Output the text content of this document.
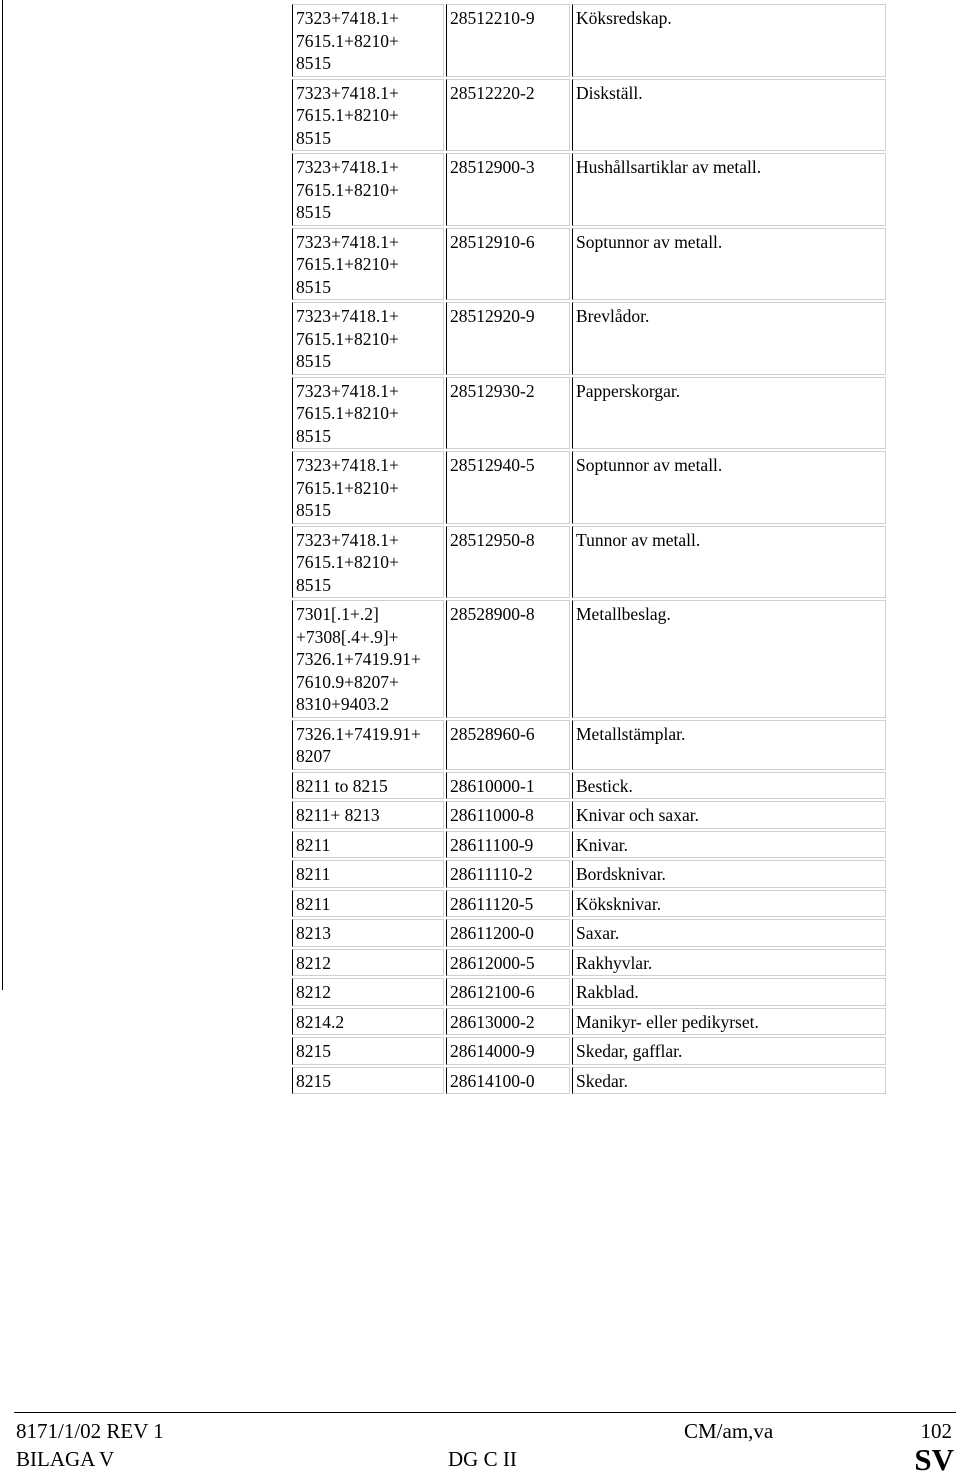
7323+7418.1+
7615.1+8210+
8515	28512210-9	Köksredskap.
7323+7418.1+
7615.1+8210+
8515	28512220-2	Diskställ.
7323+7418.1+
7615.1+8210+
8515	28512900-3	Hushållsartiklar av metall.
7323+7418.1+
7615.1+8210+
8515	28512910-6	Soptunnor av metall.
7323+7418.1+
7615.1+8210+
8515	28512920-9	Brevlådor.
7323+7418.1+
7615.1+8210+
8515	28512930-2	Papperskorgar.
7323+7418.1+
7615.1+8210+
8515	28512940-5	Soptunnor av metall.
7323+7418.1+
7615.1+8210+
8515	28512950-8	Tunnor av metall.
7301[.1+.2]
+7308[.4+.9]+
7326.1+7419.91+
7610.9+8207+
8310+9403.2	28528900-8	Metallbeslag.
7326.1+7419.91+
8207	28528960-6	Metallstämplar.
8211 to 8215	28610000-1	Bestick.
8211+ 8213	28611000-8	Knivar och saxar.
8211	28611100-9	Knivar.
8211	28611110-2	Bordsknivar.
8211	28611120-5	Köksknivar.
8213	28611200-0	Saxar.
8212	28612000-5	Rakhyvlar.
8212	28612100-6	Rakblad.
8214.2	28613000-2	Manikyr- eller pedikyrset.
8215	28614000-9	Skedar, gafflar.
8215	28614100-0	Skedar.
8171/1/02 REV 1
BILAGA V	DG C II
CM/am,va	102
SV
